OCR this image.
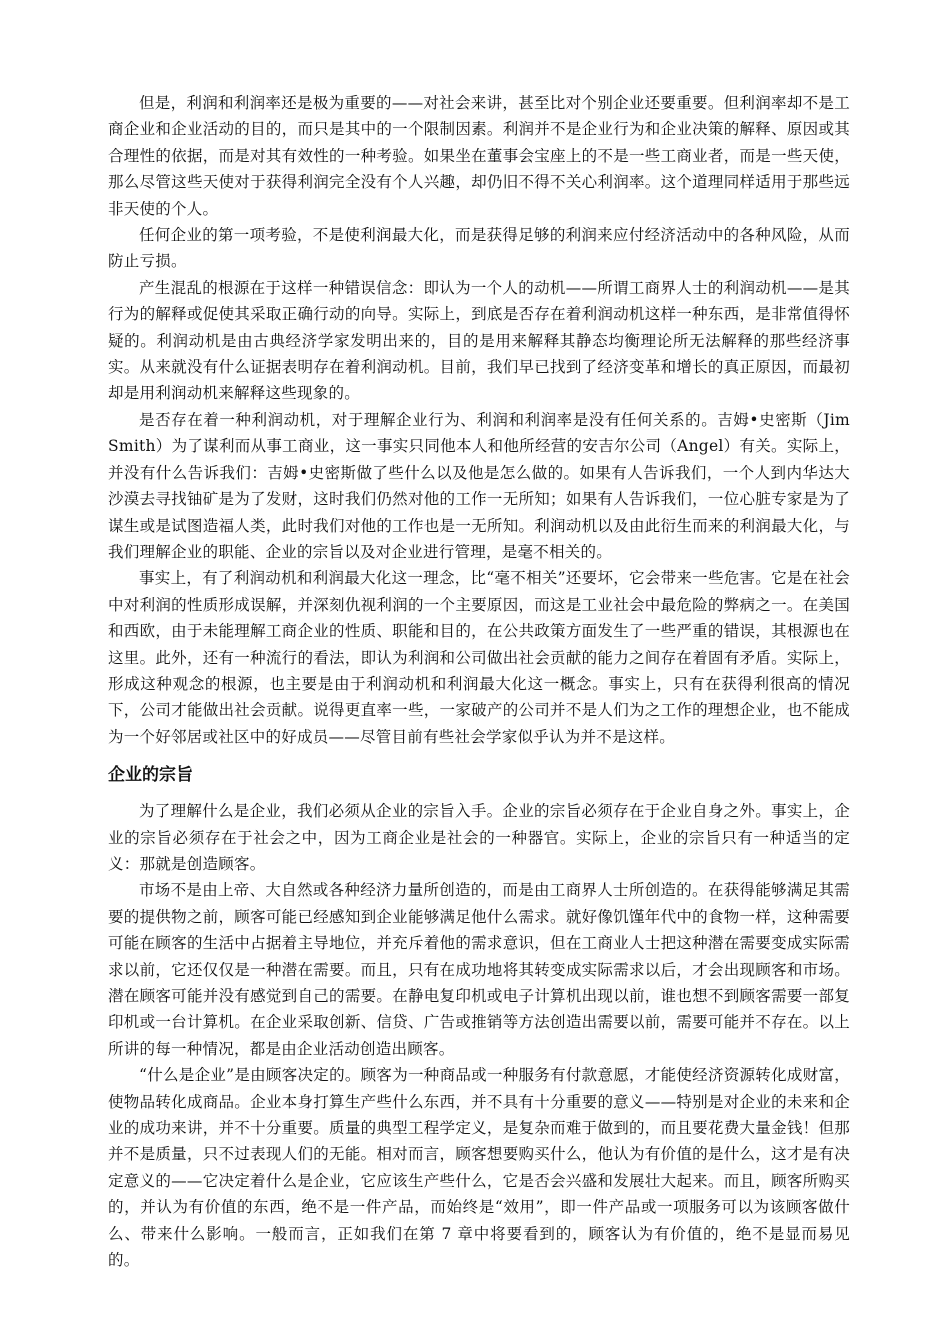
但是，利润和利润率还是极为重要的——对社会来讲，甚至比对个别企业还要重要。但利润率却不是工商企业和企业活动的目的，而只是其中的一个限制因素。利润并不是企业行为和企业决策的解释、原因或其合理性的依据，而是对其有效性的一种考验。如果坐在董事会宝座上的不是一些工商业者，而是一些天使，那么尽管这些天使对于获得利润完全没有个人兴趣，却仍旧不得不关心利润率。这个道理同样适用于那些远非天使的个人。

任何企业的第一项考验，不是使利润最大化，而是获得足够的利润来应付经济活动中的各种风险，从而防止亏损。

产生混乱的根源在于这样一种错误信念：即认为一个人的动机——所谓工商界人士的利润动机——是其行为的解释或促使其采取正确行动的向导。实际上，到底是否存在着利润动机这样一种东西，是非常值得怀疑的。利润动机是由古典经济学家发明出来的，目的是用来解释其静态均衡理论所无法解释的那些经济事实。从来就没有什么证据表明存在着利润动机。目前，我们早已找到了经济变革和增长的真正原因，而最初却是用利润动机来解释这些现象的。

是否存在着一种利润动机，对于理解企业行为、利润和利润率是没有任何关系的。吉姆•史密斯（Jim Smith）为了谋利而从事工商业，这一事实只同他本人和他所经营的安吉尔公司（Angel）有关。实际上，并没有什么告诉我们：吉姆•史密斯做了些什么以及他是怎么做的。如果有人告诉我们，一个人到内华达大沙漠去寻找铀矿是为了发财，这时我们仍然对他的工作一无所知；如果有人告诉我们，一位心脏专家是为了谋生或是试图造福人类，此时我们对他的工作也是一无所知。利润动机以及由此衍生而来的利润最大化，与我们理解企业的职能、企业的宗旨以及对企业进行管理，是毫不相关的。

事实上，有了利润动机和利润最大化这一理念，比“毫不相关”还要坏，它会带来一些危害。它是在社会中对利润的性质形成误解，并深刻仇视利润的一个主要原因，而这是工业社会中最危险的弊病之一。在美国和西欧，由于未能理解工商企业的性质、职能和目的，在公共政策方面发生了一些严重的错误，其根源也在这里。此外，还有一种流行的看法，即认为利润和公司做出社会贡献的能力之间存在着固有矛盾。实际上，形成这种观念的根源，也主要是由于利润动机和利润最大化这一概念。事实上，只有在获得利很高的情况下，公司才能做出社会贡献。说得更直率一些，一家破产的公司并不是人们为之工作的理想企业，也不能成为一个好邻居或社区中的好成员——尽管目前有些社会学家似乎认为并不是这样。

企业的宗旨

为了理解什么是企业，我们必须从企业的宗旨入手。企业的宗旨必须存在于企业自身之外。事实上，企业的宗旨必须存在于社会之中，因为工商企业是社会的一种器官。实际上，企业的宗旨只有一种适当的定义：那就是创造顾客。

市场不是由上帝、大自然或各种经济力量所创造的，而是由工商界人士所创造的。在获得能够满足其需要的提供物之前，顾客可能已经感知到企业能够满足他什么需求。就好像饥馑年代中的食物一样，这种需要可能在顾客的生活中占据着主导地位，并充斥着他的需求意识，但在工商业人士把这种潜在需要变成实际需求以前，它还仅仅是一种潜在需要。而且，只有在成功地将其转变成实际需求以后，才会出现顾客和市场。潜在顾客可能并没有感觉到自己的需要。在静电复印机或电子计算机出现以前，谁也想不到顾客需要一部复印机或一台计算机。在企业采取创新、信贷、广告或推销等方法创造出需要以前，需要可能并不存在。以上所讲的每一种情况，都是由企业活动创造出顾客。

“什么是企业”是由顾客决定的。顾客为一种商品或一种服务有付款意愿，才能使经济资源转化成财富，使物品转化成商品。企业本身打算生产些什么东西，并不具有十分重要的意义——特别是对企业的未来和企业的成功来讲，并不十分重要。质量的典型工程学定义，是复杂而难于做到的，而且要花费大量金钱！但那并不是质量，只不过表现人们的无能。相对而言，顾客想要购买什么，他认为有价值的是什么，这才是有决定意义的——它决定着什么是企业，它应该生产些什么，它是否会兴盛和发展壮大起来。而且，顾客所购买的，并认为有价值的东西，绝不是一件产品，而始终是“效用”，即一件产品或一项服务可以为该顾客做什么、带来什么影响。一般而言，正如我们在第 7 章中将要看到的，顾客认为有价值的，绝不是显而易见的。
